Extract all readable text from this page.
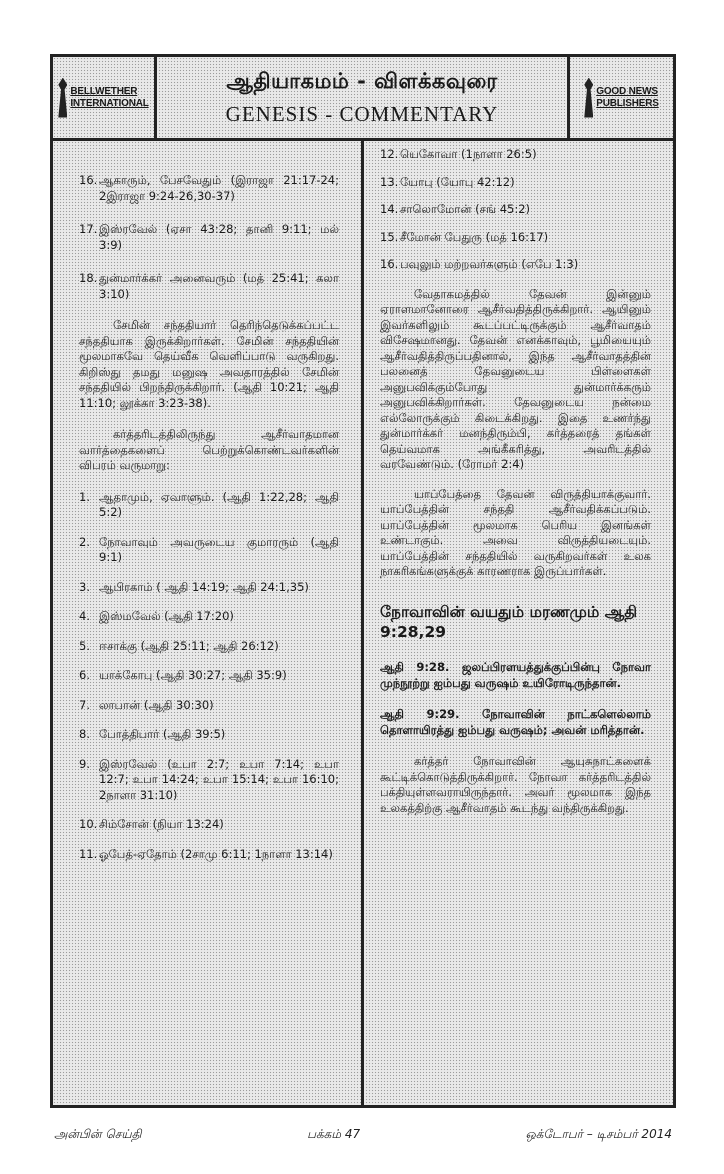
BELLWETHER
INTERNATIONAL
ஆதியாகமம் - விளக்கவுரை
GENESIS - COMMENTARY
GOOD NEWS
PUBLISHERS
16. ஆகாரும், பேசவேதும் (இராஜா 21:17-24; 2இராஜா 9:24-26,30-37)
17. இஸ்ரவேல் (ஏசா 43:28; தானி 9:11; மல் 3:9)
18. துன்மார்க்கர் அனைவரும் (மத் 25:41; கலா 3:10)

சேமின் சந்ததியார் தெரிந்தெடுக்கப்பட்ட சந்ததியாக இருக்கிறார்கள். சேமின் சந்ததியின் மூலமாகவே தெய்வீக வெளிப்பாடு வருகிறது. கிறிஸ்து தமது மனுஷ அவதாரத்தில் சேமின் சந்ததியில் பிறந்திருக்கிறார். (ஆதி 10:21; ஆதி 11:10; லூக்கா 3:23-38).

கர்த்தரிடத்திலிருந்து ஆசீர்வாதமான வார்த்தைகளைப் பெற்றுக்கொண்டவர்களின் விபரம் வருமாறு:

1. ஆதாமும், ஏவாளும். (ஆதி 1:22,28; ஆதி 5:2)
2. நோவாவும் அவருடைய குமாரரும் (ஆதி 9:1)
3. ஆபிரகாம் ( ஆதி 14:19; ஆதி 24:1,35)
4. இஸ்மவேல் (ஆதி 17:20)
5. ஈசாக்கு (ஆதி 25:11; ஆதி 26:12)
6. யாக்கோபு (ஆதி 30:27; ஆதி 35:9)
7. லாபான் (ஆதி 30:30)
8. போத்திபார் (ஆதி 39:5)
9. இஸ்ரவேல் (உபா 2:7; உபா 7:14; உபா 12:7; உபா 14:24; உபா 15:14; உபா 16:10; 2நாளா 31:10)
10. சிம்சோன் (நியா 13:24)
11. ஓபேத்-ஏதோம் (2சாமு 6:11; 1நாளா 13:14)
12. யெகோவா (1நாளா 26:5)
13. யோபு (யோபு 42:12)
14. சாலொமோன் (சங் 45:2)
15. சீமோன் பேதுரு (மத் 16:17)
16. பவுலும் மற்றவர்களும் (எபே 1:3)

வேதாகமத்தில் தேவன் இன்னும் ஏராளமானோரை ஆசீர்வதித்திருக்கிறார். ஆயினும் இவர்களிலும் கூடப்பட்டிருக்கும் ஆசீர்வாதம் விசேஷமானது. தேவன் எனக்காவும், பூமியையும் ஆசீர்வதித்திருப்பதினால், இந்த ஆசீர்வாதத்தின் பலனைத் தேவனுடைய பிள்ளைகள் அனுபவிக்கும்போது துன்மார்க்கரும் அனுபவிக்கிறார்கள். தேவனுடைய நன்மை எல்லோருக்கும் கிடைக்கிறது. இதை உணர்ந்து துன்மார்க்கர் மனந்திரும்பி, கர்த்தரைத் தங்கள் தெய்வமாக அங்கீகரித்து, அவரிடத்தில் வரவேண்டும். (ரோமர் 2:4)

யாப்பேத்தை தேவன் விருத்தியாக்குவார். யாப்பேத்தின் சந்ததி ஆசீர்வதிக்கப்படும். யாப்பேத்தின் மூலமாக பெரிய இனங்கள் உண்டாகும். அவை விருத்தியடையும். யாப்பேத்தின் சந்ததியில் வருகிறவர்கள் உலக நாகரிகங்களுக்குக் காரணராக இருப்பார்கள்.

நோவாவின் வயதும் மரணமும் ஆதி 9:28,29

ஆதி 9:28. ஜலப்பிரளயத்துக்குப்பின்பு நோவா முந்நூற்று ஐம்பது வருஷம் உயிரோடிருந்தான்.

ஆதி 9:29. நோவாவின் நாட்களெல்லாம் தொளாயிரத்து ஐம்பது வருஷம்; அவன் மரித்தான்.

கர்த்தர் நோவாவின் ஆயுசுநாட்களைக் கூட்டிக்கொடுத்திருக்கிறார். நோவா கர்த்தரிடத்தில் பக்தியுள்ளவராயிருந்தார். அவர் மூலமாக இந்த உலகத்திற்கு ஆசீர்வாதம் கூடந்து வந்திருக்கிறது.

அன்பின் செய்தி	பக்கம் 47	ஒக்டோபர் – டிசம்பர் 2014
